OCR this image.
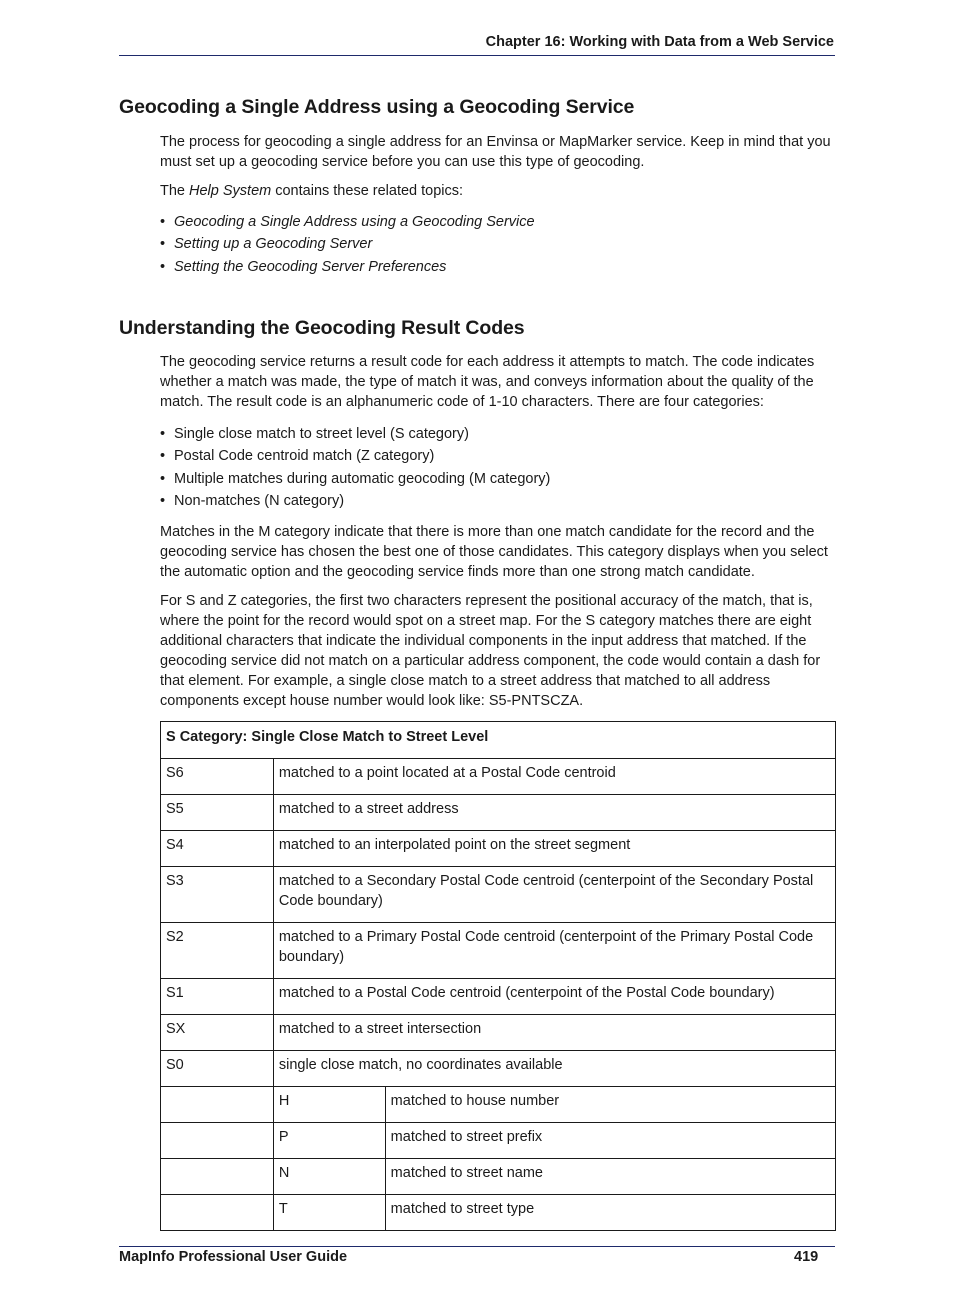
Chapter 16: Working with Data from a Web Service
Geocoding a Single Address using a Geocoding Service

The process for geocoding a single address for an Envinsa or MapMarker service. Keep in mind that you must set up a geocoding service before you can use this type of geocoding.

The Help System contains these related topics:

• Geocoding a Single Address using a Geocoding Service
• Setting up a Geocoding Server
• Setting the Geocoding Server Preferences
Understanding the Geocoding Result Codes

The geocoding service returns a result code for each address it attempts to match. The code indicates whether a match was made, the type of match it was, and conveys information about the quality of the match. The result code is an alphanumeric code of 1-10 characters. There are four categories:

• Single close match to street level (S category)
• Postal Code centroid match (Z category)
• Multiple matches during automatic geocoding (M category)
• Non-matches (N category)

Matches in the M category indicate that there is more than one match candidate for the record and the geocoding service has chosen the best one of those candidates. This category displays when you select the automatic option and the geocoding service finds more than one strong match candidate.

For S and Z categories, the first two characters represent the positional accuracy of the match, that is, where the point for the record would spot on a street map. For the S category matches there are eight additional characters that indicate the individual components in the input address that matched. If the geocoding service did not match on a particular address component, the code would contain a dash for that element. For example, a single close match to a street address that matched to all address components except house number would look like: S5-PNTSCZA.

S Category: Single Close Match to Street Level		
S6	matched to a point located at a Postal Code centroid	
S5	matched to a street address	
S4	matched to an interpolated point on the street segment	
S3	matched to a Secondary Postal Code centroid (centerpoint of the Secondary Postal Code boundary)	
S2	matched to a Primary Postal Code centroid (centerpoint of the Primary Postal Code boundary)	
S1	matched to a Postal Code centroid (centerpoint of the Postal Code boundary)	
SX	matched to a street intersection	
S0	single close match, no coordinates available	
	H	matched to house number
	P	matched to street prefix
	N	matched to street name
	T	matched to street type
MapInfo Professional User Guide	419
